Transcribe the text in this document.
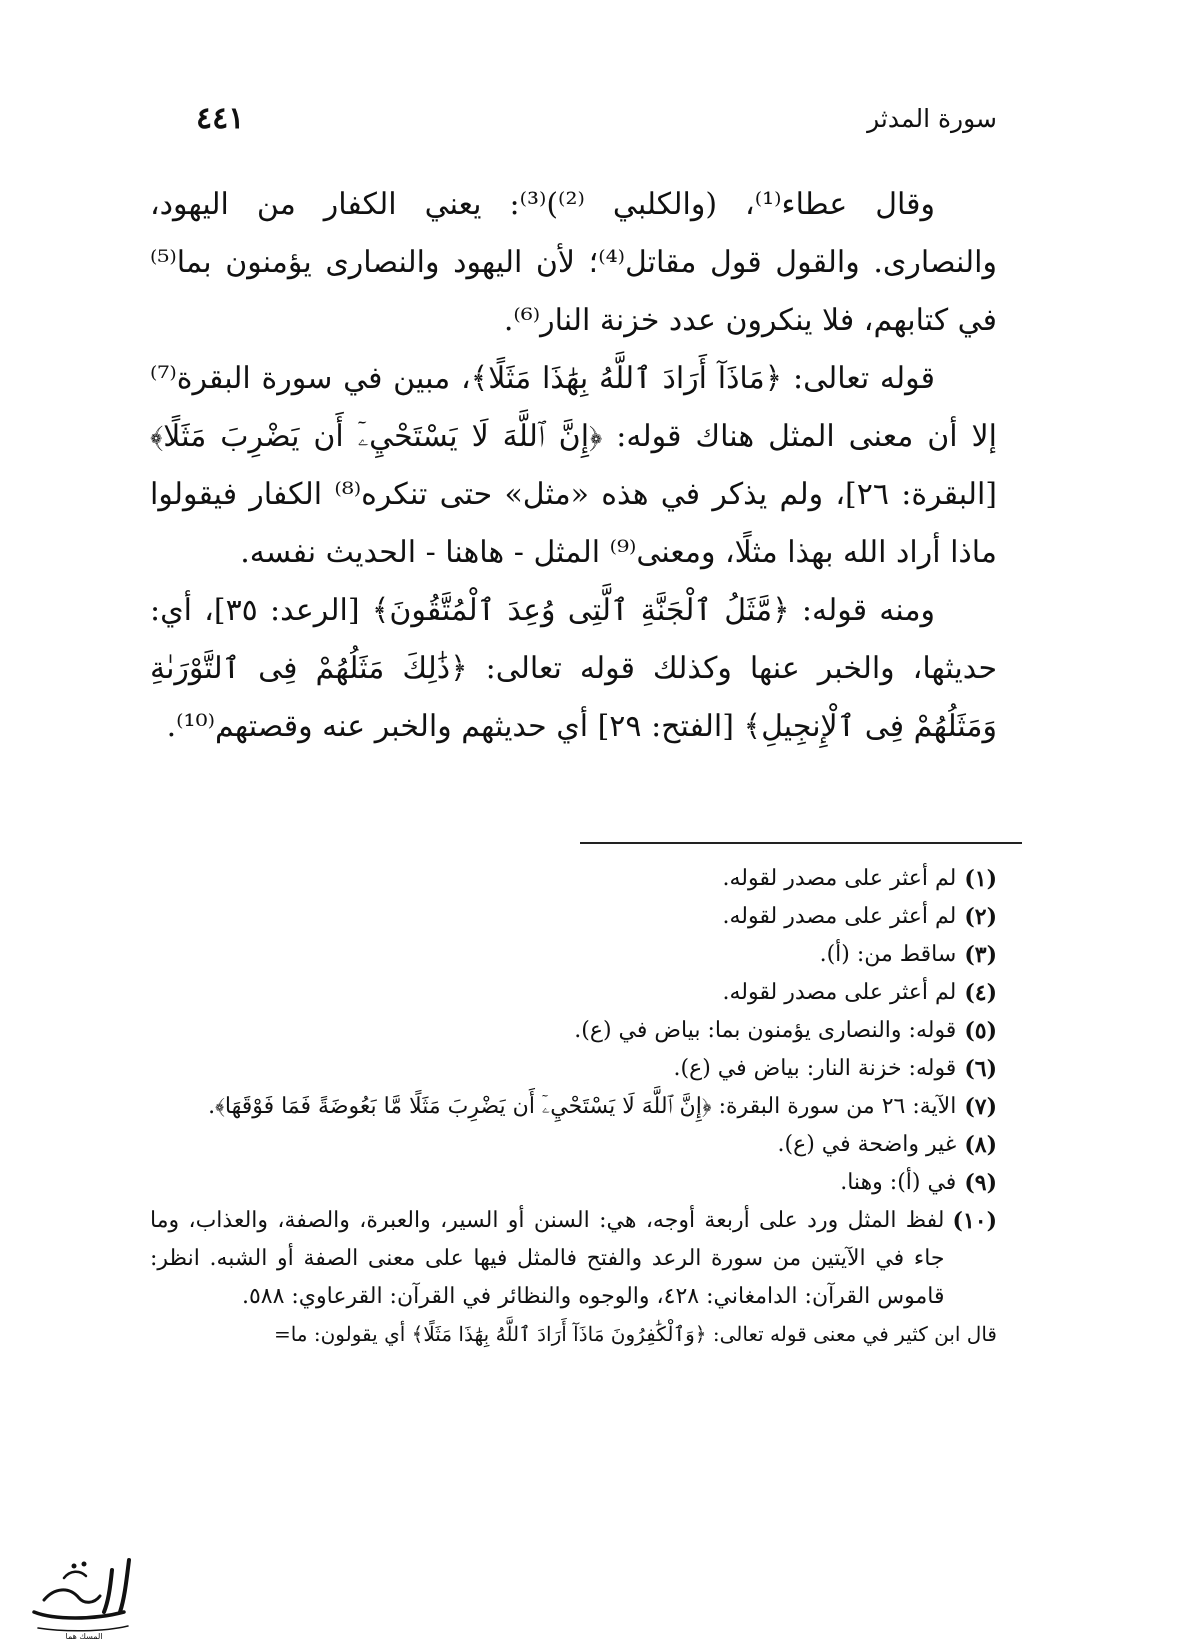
سورة المدثر
٤٤١

وقال عطاء⁽¹⁾، (والكلبي ⁽²⁾)⁽³⁾: يعني الكفار من اليهود، والنصارى. والقول قول مقاتل⁽⁴⁾؛ لأن اليهود والنصارى يؤمنون بما⁽⁵⁾ في كتابهم، فلا ينكرون عدد خزنة النار⁽⁶⁾.

قوله تعالى: ﴿مَاذَآ أَرَادَ ٱللَّهُ بِهَٰذَا مَثَلًا﴾، مبين في سورة البقرة⁽⁷⁾ إلا أن معنى المثل هناك قوله: ﴿إِنَّ ٱللَّهَ لَا يَسْتَحْيِۦٓ أَن يَضْرِبَ مَثَلًا﴾ [البقرة: ٢٦]، ولم يذكر في هذه «مثل» حتى تنكره⁽⁸⁾ الكفار فيقولوا ماذا أراد الله بهذا مثلًا، ومعنى⁽⁹⁾ المثل - هاهنا - الحديث نفسه.

ومنه قوله: ﴿مَّثَلُ ٱلْجَنَّةِ ٱلَّتِى وُعِدَ ٱلْمُتَّقُونَ﴾ [الرعد: ٣٥]، أي: حديثها، والخبر عنها وكذلك قوله تعالى: ﴿ذَٰلِكَ مَثَلُهُمْ فِى ٱلتَّوْرَىٰةِ وَمَثَلُهُمْ فِى ٱلْإِنجِيلِ﴾ [الفتح: ٢٩] أي حديثهم والخبر عنه وقصتهم⁽¹⁰⁾.

(١)
لم أعثر على مصدر لقوله.
(٢)
لم أعثر على مصدر لقوله.
(٣)
ساقط من: (أ).
(٤)
لم أعثر على مصدر لقوله.
(٥)
قوله: والنصارى يؤمنون بما: بياض في (ع).
(٦)
قوله: خزنة النار: بياض في (ع).
(٧)
الآية: ٢٦ من سورة البقرة: ﴿إِنَّ ٱللَّهَ لَا يَسْتَحْيِۦٓ أَن يَضْرِبَ مَثَلًا مَّا بَعُوضَةً فَمَا فَوْقَهَا﴾.
(٨)
غير واضحة في (ع).
(٩)
في (أ): وهنا.
(١٠)
لفظ المثل ورد على أربعة أوجه، هي: السنن أو السير، والعبرة، والصفة، والعذاب، وما جاء في الآيتين من سورة الرعد والفتح فالمثل فيها على معنى الصفة أو الشبه. انظر: قاموس القرآن: الدامغاني: ٤٢٨، والوجوه والنظائر في القرآن: القرعاوي: ٥٨٨.

قال ابن كثير في معنى قوله تعالى: ﴿وَٱلْكَٰفِرُونَ مَاذَآ أَرَادَ ٱللَّهُ بِهَٰذَا مَثَلًا﴾ أي يقولون: ما=

المسك هما
